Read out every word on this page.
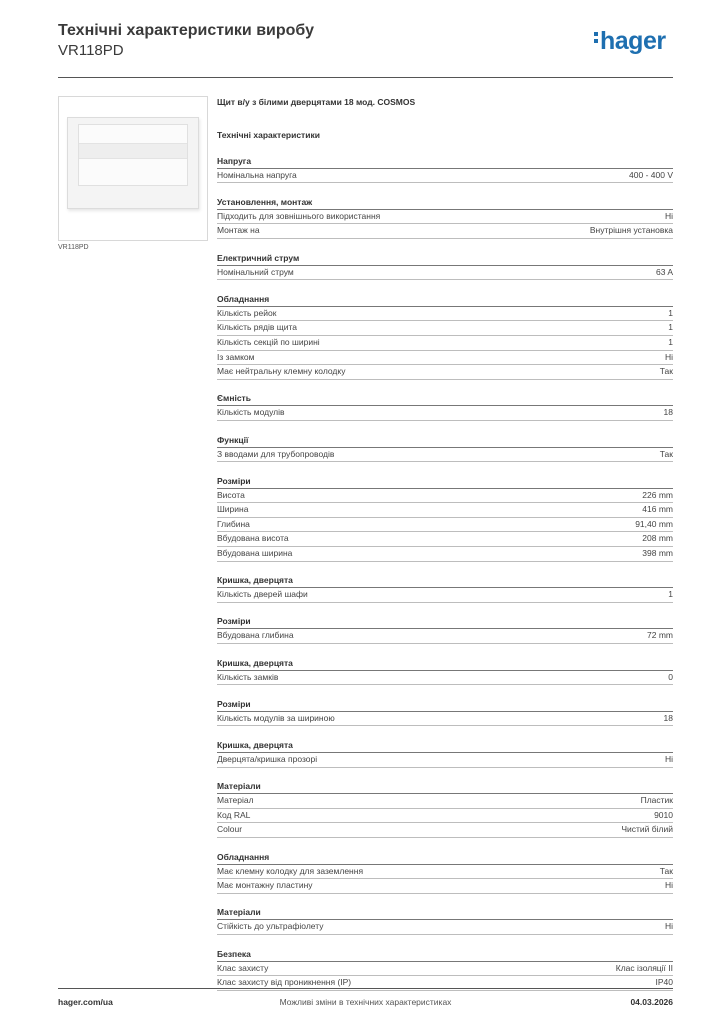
Технічні характеристики виробу
VR118PD	hager
VR118PD
Щит в/у з білими дверцятами 18 мод. COSMOS
Технічні характеристики
Напруга
Номінальна напруга	400 - 400 V
Установлення, монтаж
Підходить для зовнішнього використання	Ні
Монтаж на	Внутрішня установка
Електричний струм
Номінальний струм	63 A
Обладнання
Кількість рейок	1
Кількість рядів щита	1
Кількість секцій по ширині	1
Із замком	Ні
Має нейтральну клемну колодку	Так
Ємність
Кількість модулів	18
Функції
З вводами для трубопроводів	Так
Розміри
Висота	226 mm
Ширина	416 mm
Глибина	91,40 mm
Вбудована висота	208 mm
Вбудована ширина	398 mm
Кришка, дверцята
Кількість дверей шафи	1
Розміри
Вбудована глибина	72 mm
Кришка, дверцята
Кількість замків	0
Розміри
Кількість модулів за шириною	18
Кришка, дверцята
Дверцята/кришка прозорі	Ні
Матеріали
Матеріал	Пластик
Код RAL	9010
Colour	Чистий білий
Обладнання
Має клемну колодку для заземлення	Так
Має монтажну пластину	Ні
Матеріали
Стійкість до ультрафіолету	Ні
Безпека
Клас захисту	Клас ізоляції II
Клас захисту від проникнення (IP)	IP40
hager.com/ua	Можливі зміни в технічних характеристиках	04.03.2026
